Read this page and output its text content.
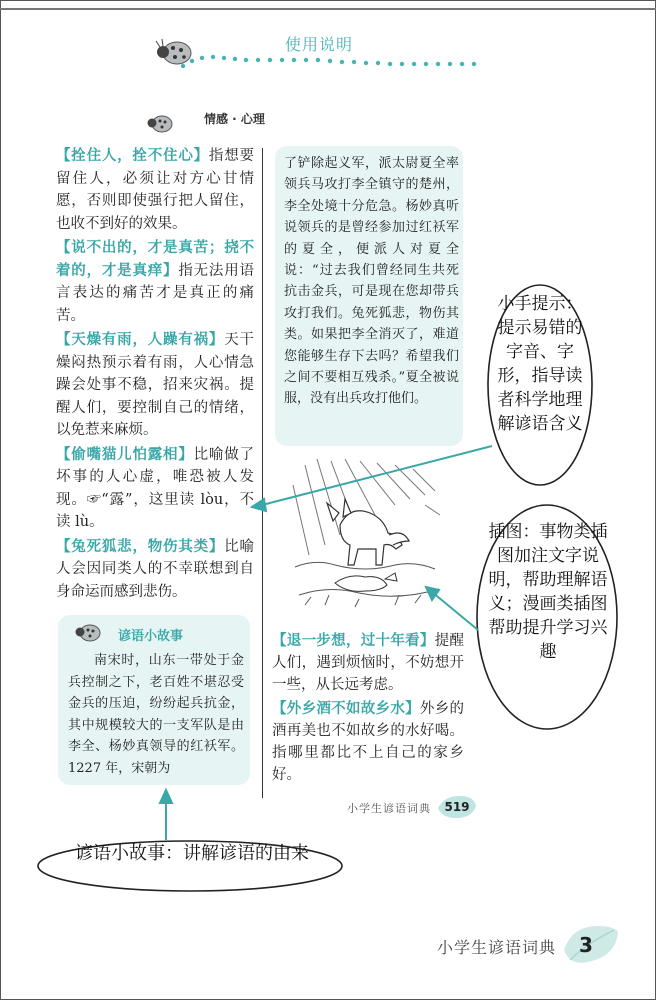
使用说明
情感 · 心理

【拴住人，拴不住心】指想要留住人，必须让对方心甘情愿，否则即使强行把人留住，也收不到好的效果。

【说不出的，才是真苦；挠不着的，才是真痒】指无法用语言表达的痛苦才是真正的痛苦。

【天燥有雨，人躁有祸】天干燥闷热预示着有雨，人心情急躁会处事不稳，招来灾祸。提醒人们，要控制自己的情绪，以免惹来麻烦。

【偷嘴猫儿怕露相】比喻做了坏事的人心虚，唯恐被人发现。☞“露”，这里读 lòu，不读 lù。

【兔死狐悲，物伤其类】比喻人会因同类人的不幸联想到自身命运而感到悲伤。

谚语小故事
南宋时，山东一带处于金兵控制之下，老百姓不堪忍受金兵的压迫，纷纷起兵抗金，其中规模较大的一支军队是由李全、杨妙真领导的红袄军。1227 年，宋朝为
了铲除起义军，派太尉夏全率领兵马攻打李全镇守的楚州，李全处境十分危急。杨妙真听说领兵的是曾经参加过红袄军的夏全，便派人对夏全说：“过去我们曾经同生共死抗击金兵，可是现在您却带兵攻打我们。兔死狐悲，物伤其类。如果把李全消灭了，难道您能够生存下去吗？希望我们之间不要相互残杀。”夏全被说服，没有出兵攻打他们。

【退一步想，过十年看】提醒人们，遇到烦恼时，不妨想开一些，从长远考虑。

【外乡酒不如故乡水】外乡的酒再美也不如故乡的水好喝。指哪里都比不上自己的家乡好。

小学生谚语词典	519
小手提示：提示易错的字音、字形，指导读者科学地理解谚语含义
插图：事物类插图加注文字说明，帮助理解语义；漫画类插图帮助提升学习兴趣
谚语小故事：讲解谚语的由来
小学生谚语词典	3
